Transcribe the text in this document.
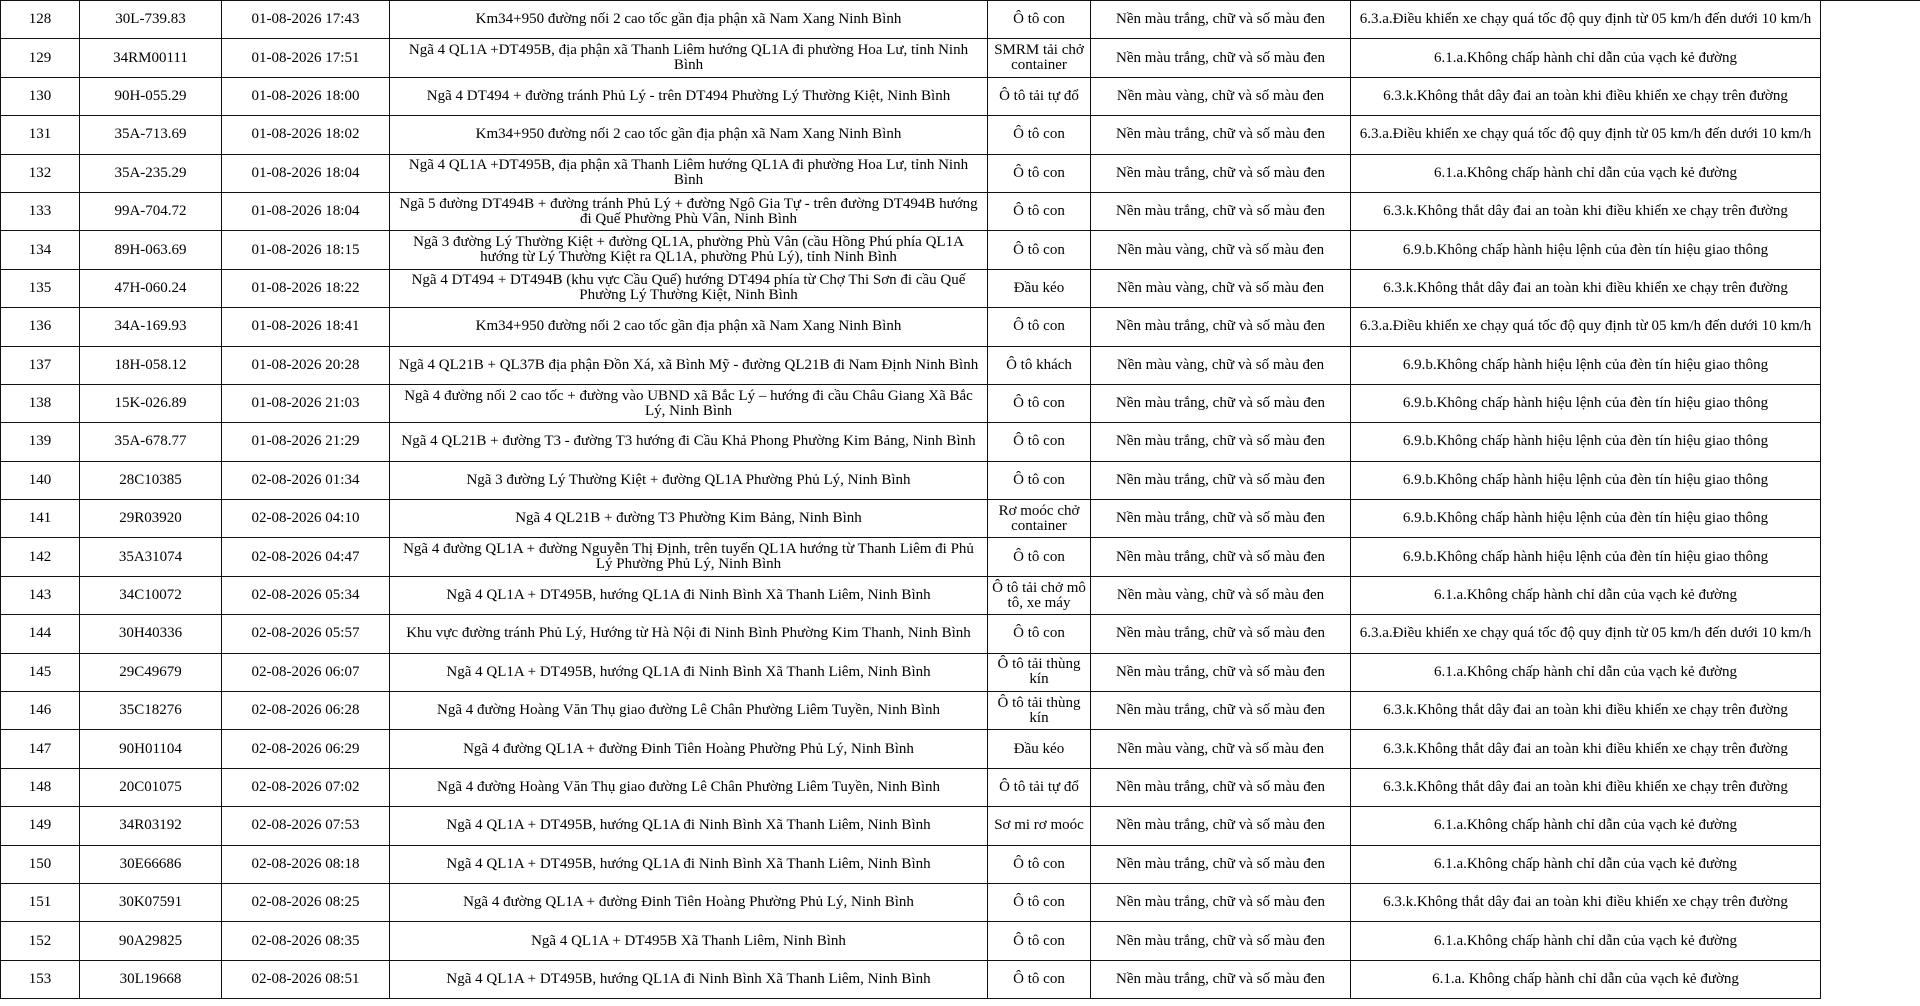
128	30L-739.83	01-08-2026 17:43	Km34+950 đường nối 2 cao tốc gần địa phận xã Nam Xang Ninh Bình	Ô tô con	Nền màu trắng, chữ và số màu đen	6.3.a.Điều khiển xe chạy quá tốc độ quy định từ 05 km/h đến dưới 10 km/h	
129	34RM00111	01-08-2026 17:51	Ngã 4 QL1A +DT495B, địa phận xã Thanh Liêm hướng QL1A đi phường Hoa Lư, tỉnh Ninh Bình	SMRM tải chở container	Nền màu trắng, chữ và số màu đen	6.1.a.Không chấp hành chỉ dẫn của vạch kẻ đường	
130	90H-055.29	01-08-2026 18:00	Ngã 4 DT494 + đường tránh Phủ Lý - trên DT494 Phường Lý Thường Kiệt, Ninh Bình	Ô tô tải tự đổ	Nền màu vàng, chữ và số màu đen	6.3.k.Không thắt dây đai an toàn khi điều khiển xe chạy trên đường	
131	35A-713.69	01-08-2026 18:02	Km34+950 đường nối 2 cao tốc gần địa phận xã Nam Xang Ninh Bình	Ô tô con	Nền màu trắng, chữ và số màu đen	6.3.a.Điều khiển xe chạy quá tốc độ quy định từ 05 km/h đến dưới 10 km/h	
132	35A-235.29	01-08-2026 18:04	Ngã 4 QL1A +DT495B, địa phận xã Thanh Liêm hướng QL1A đi phường Hoa Lư, tỉnh Ninh Bình	Ô tô con	Nền màu trắng, chữ và số màu đen	6.1.a.Không chấp hành chỉ dẫn của vạch kẻ đường	
133	99A-704.72	01-08-2026 18:04	Ngã 5 đường DT494B + đường tránh Phủ Lý + đường Ngô Gia Tự - trên đường DT494B hướng đi Quế Phường Phù Vân, Ninh Bình	Ô tô con	Nền màu trắng, chữ và số màu đen	6.3.k.Không thắt dây đai an toàn khi điều khiển xe chạy trên đường	
134	89H-063.69	01-08-2026 18:15	Ngã 3 đường Lý Thường Kiệt + đường QL1A, phường Phù Vân (cầu Hồng Phú phía QL1A hướng từ Lý Thường Kiệt ra QL1A, phường Phủ Lý), tỉnh Ninh Bình	Ô tô con	Nền màu vàng, chữ và số màu đen	6.9.b.Không chấp hành hiệu lệnh của đèn tín hiệu giao thông	
135	47H-060.24	01-08-2026 18:22	Ngã 4 DT494 + DT494B (khu vực Cầu Quế) hướng DT494 phía từ Chợ Thi Sơn đi cầu Quế Phường Lý Thường Kiệt, Ninh Bình	Đầu kéo	Nền màu vàng, chữ và số màu đen	6.3.k.Không thắt dây đai an toàn khi điều khiển xe chạy trên đường	
136	34A-169.93	01-08-2026 18:41	Km34+950 đường nối 2 cao tốc gần địa phận xã Nam Xang Ninh Bình	Ô tô con	Nền màu trắng, chữ và số màu đen	6.3.a.Điều khiển xe chạy quá tốc độ quy định từ 05 km/h đến dưới 10 km/h	
137	18H-058.12	01-08-2026 20:28	Ngã 4 QL21B + QL37B địa phận Đồn Xá, xã Bình Mỹ - đường QL21B đi Nam Định Ninh Bình	Ô tô khách	Nền màu vàng, chữ và số màu đen	6.9.b.Không chấp hành hiệu lệnh của đèn tín hiệu giao thông	
138	15K-026.89	01-08-2026 21:03	Ngã 4 đường nối 2 cao tốc + đường vào UBND xã Bắc Lý – hướng đi cầu Châu Giang Xã Bắc Lý, Ninh Bình	Ô tô con	Nền màu trắng, chữ và số màu đen	6.9.b.Không chấp hành hiệu lệnh của đèn tín hiệu giao thông	
139	35A-678.77	01-08-2026 21:29	Ngã 4 QL21B + đường T3 - đường T3 hướng đi Cầu Khả Phong Phường Kim Bảng, Ninh Bình	Ô tô con	Nền màu trắng, chữ và số màu đen	6.9.b.Không chấp hành hiệu lệnh của đèn tín hiệu giao thông	
140	28C10385	02-08-2026 01:34	Ngã 3 đường Lý Thường Kiệt + đường QL1A Phường Phủ Lý, Ninh Bình	Ô tô con	Nền màu trắng, chữ và số màu đen	6.9.b.Không chấp hành hiệu lệnh của đèn tín hiệu giao thông	
141	29R03920	02-08-2026 04:10	Ngã 4 QL21B + đường T3 Phường Kim Bảng, Ninh Bình	Rơ moóc chở container	Nền màu trắng, chữ và số màu đen	6.9.b.Không chấp hành hiệu lệnh của đèn tín hiệu giao thông	
142	35A31074	02-08-2026 04:47	Ngã 4 đường QL1A + đường Nguyễn Thị Định, trên tuyến QL1A hướng từ Thanh Liêm đi Phủ Lý Phường Phủ Lý, Ninh Bình	Ô tô con	Nền màu trắng, chữ và số màu đen	6.9.b.Không chấp hành hiệu lệnh của đèn tín hiệu giao thông	
143	34C10072	02-08-2026 05:34	Ngã 4 QL1A + DT495B, hướng QL1A đi Ninh Bình Xã Thanh Liêm, Ninh Bình	Ô tô tải chở mô tô, xe máy	Nền màu vàng, chữ và số màu đen	6.1.a.Không chấp hành chỉ dẫn của vạch kẻ đường	
144	30H40336	02-08-2026 05:57	Khu vực đường tránh Phủ Lý, Hướng từ Hà Nội đi Ninh Bình Phường Kim Thanh, Ninh Bình	Ô tô con	Nền màu trắng, chữ và số màu đen	6.3.a.Điều khiển xe chạy quá tốc độ quy định từ 05 km/h đến dưới 10 km/h	
145	29C49679	02-08-2026 06:07	Ngã 4 QL1A + DT495B, hướng QL1A đi Ninh Bình Xã Thanh Liêm, Ninh Bình	Ô tô tải thùng kín	Nền màu trắng, chữ và số màu đen	6.1.a.Không chấp hành chỉ dẫn của vạch kẻ đường	
146	35C18276	02-08-2026 06:28	Ngã 4 đường Hoàng Văn Thụ giao đường Lê Chân Phường Liêm Tuyền, Ninh Bình	Ô tô tải thùng kín	Nền màu trắng, chữ và số màu đen	6.3.k.Không thắt dây đai an toàn khi điều khiển xe chạy trên đường	
147	90H01104	02-08-2026 06:29	Ngã 4 đường QL1A + đường Đinh Tiên Hoàng Phường Phủ Lý, Ninh Bình	Đầu kéo	Nền màu vàng, chữ và số màu đen	6.3.k.Không thắt dây đai an toàn khi điều khiển xe chạy trên đường	
148	20C01075	02-08-2026 07:02	Ngã 4 đường Hoàng Văn Thụ giao đường Lê Chân Phường Liêm Tuyền, Ninh Bình	Ô tô tải tự đổ	Nền màu trắng, chữ và số màu đen	6.3.k.Không thắt dây đai an toàn khi điều khiển xe chạy trên đường	
149	34R03192	02-08-2026 07:53	Ngã 4 QL1A + DT495B, hướng QL1A đi Ninh Bình Xã Thanh Liêm, Ninh Bình	Sơ mi rơ moóc	Nền màu trắng, chữ và số màu đen	6.1.a.Không chấp hành chỉ dẫn của vạch kẻ đường	
150	30E66686	02-08-2026 08:18	Ngã 4 QL1A + DT495B, hướng QL1A đi Ninh Bình Xã Thanh Liêm, Ninh Bình	Ô tô con	Nền màu trắng, chữ và số màu đen	6.1.a.Không chấp hành chỉ dẫn của vạch kẻ đường	
151	30K07591	02-08-2026 08:25	Ngã 4 đường QL1A + đường Đinh Tiên Hoàng Phường Phủ Lý, Ninh Bình	Ô tô con	Nền màu trắng, chữ và số màu đen	6.3.k.Không thắt dây đai an toàn khi điều khiển xe chạy trên đường	
152	90A29825	02-08-2026 08:35	Ngã 4 QL1A + DT495B Xã Thanh Liêm, Ninh Bình	Ô tô con	Nền màu trắng, chữ và số màu đen	6.1.a.Không chấp hành chỉ dẫn của vạch kẻ đường	
153	30L19668	02-08-2026 08:51	Ngã 4 QL1A + DT495B, hướng QL1A đi Ninh Bình Xã Thanh Liêm, Ninh Bình	Ô tô con	Nền màu trắng, chữ và số màu đen	6.1.a. Không chấp hành chỉ dẫn của vạch kẻ đường	
